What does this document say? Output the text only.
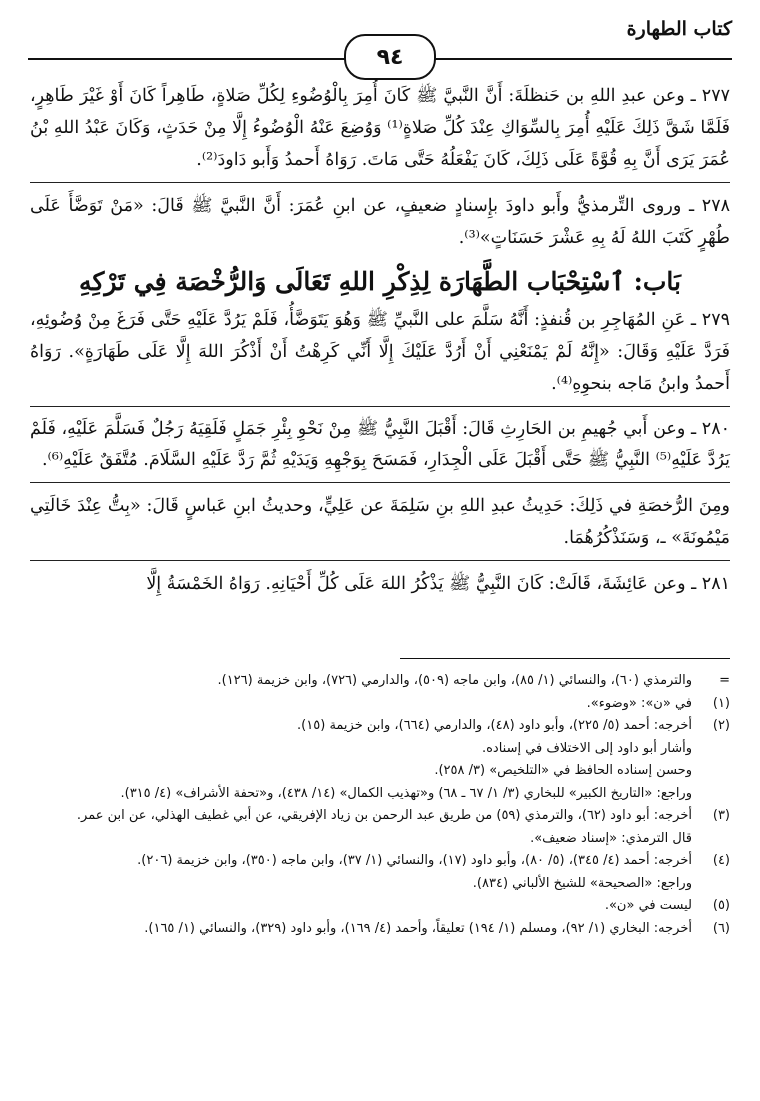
كتاب الطهارة
٩٤

٢٧٧ ـ وعن عبدِ اللهِ بن حَنظلَةَ: أَنَّ النَّبيَّ ﷺ كَانَ أُمِرَ بِالْوُضُوءِ لِكُلِّ صَلاةٍ، طَاهِراً كَانَ أَوْ غَيْرَ طَاهِرٍ، فَلَمَّا شَقَّ ذَلِكَ عَلَيْهِ أُمِرَ بِالسِّوَاكِ عِنْدَ كُلِّ صَلاةٍ⁽¹⁾ وَوُضِعَ عَنْهُ الْوُضُوءُ إِلَّا مِنْ حَدَثٍ، وَكَانَ عَبْدُ اللهِ بْنُ عُمَرَ يَرَى أَنَّ بِهِ قُوَّةً عَلَى ذَلِكَ، كَانَ يَفْعَلُهُ حَتَّى مَاتَ. رَوَاهُ أَحمدُ وَأَبو دَاودَ⁽²⁾.

٢٧٨ ـ وروى التِّرمذيُّ وأَبو داودَ بإِسنادٍ ضعيفٍ، عن ابنِ عُمَرَ: أَنَّ النَّبيَّ ﷺ قَالَ: «مَنْ تَوَضَّأَ عَلَى طُهْرٍ كَتَبَ اللهُ لَهُ بِهِ عَشْرَ حَسَنَاتٍ»⁽³⁾.

بَاب: ٱسْتِحْبَاب الطَّهَارَة لِذِكْرِ اللهِ تَعَالَى وَالرُّخْصَة فِي تَرْكِهِ

٢٧٩ ـ عَنِ المُهَاجِرِ بن قُنفذٍ: أَنَّهُ سَلَّمَ على النَّبيِّ ﷺ وَهُوَ يَتَوَضَّأُ، فَلَمْ يَرُدَّ عَلَيْهِ حَتَّى فَرَغَ مِنْ وُضُوئِهِ، فَرَدَّ عَلَيْهِ وَقَالَ: «إِنَّهُ لَمْ يَمْنَعْنِي أَنْ أَرُدَّ عَلَيْكَ إِلَّا أَنِّي كَرِهْتُ أَنْ أَذْكُرَ اللهَ إِلَّا عَلَى طَهَارَةٍ». رَوَاهُ أَحمدُ وابنُ مَاجه بنحوِهِ⁽⁴⁾.

٢٨٠ ـ وعن أَبي جُهيمِ بن الحَارِثِ قَالَ: أَقْبَلَ النَّبِيُّ ﷺ مِنْ نَحْوِ بِئْرِ جَمَلٍ فَلَقِيَهُ رَجُلٌ فَسَلَّمَ عَلَيْهِ، فَلَمْ يَرُدَّ عَلَيْهِ⁽⁵⁾ النَّبِيُّ ﷺ حَتَّى أَقْبَلَ عَلَى الْجِدَارِ، فَمَسَحَ بِوَجْهِهِ وَيَدَيْهِ ثُمَّ رَدَّ عَلَيْهِ السَّلَامَ. مُتَّفَقٌ عَلَيْهِ⁽⁶⁾.

ومِنَ الرُّخصَةِ في ذَلِكَ: حَدِيثُ عبدِ اللهِ بنِ سَلِمَةَ عن عَلِيٍّ، وحديثُ ابنِ عَباسٍ قَالَ: «بِتُّ عِنْدَ خَالَتِي مَيْمُونَةَ» ـ، وَسَنَذْكُرُهُمَا.

٢٨١ ـ وعن عَائِشَةَ، قَالَتْ: كَانَ النَّبِيُّ ﷺ يَذْكُرُ اللهَ عَلَى كُلِّ أَحْيَانِهِ. رَوَاهُ الخَمْسَةُ إِلَّا

=
والترمذي (٦٠)، والنسائي (١/ ٨٥)، وابن ماجه (٥٠٩)، والدارمي (٧٢٦)، وابن خزيمة (١٢٦).
(١)
في «ن»: «وضوء».
(٢)
أخرجه: أحمد (٥/ ٢٢٥)، وأبو داود (٤٨)، والدارمي (٦٦٤)، وابن خزيمة (١٥).
وأشار أبو داود إلى الاختلاف في إسناده.
وحسن إسناده الحافظ في «التلخيص» (٣/ ٢٥٨).
وراجع: «التاريخ الكبير» للبخاري (٣/ ١/ ٦٧ ـ ٦٨) و«تهذيب الكمال» (١٤/ ٤٣٨)، و«تحفة الأشراف» (٤/ ٣١٥).
(٣)
أخرجه: أبو داود (٦٢)، والترمذي (٥٩) من طريق عبد الرحمن بن زياد الإفريقي، عن أبي غطيف الهذلي، عن ابن عمر.
قال الترمذي: «إسناد ضعيف».
(٤)
أخرجه: أحمد (٤/ ٣٤٥)، (٥/ ٨٠)، وأبو داود (١٧)، والنسائي (١/ ٣٧)، وابن ماجه (٣٥٠)، وابن خزيمة (٢٠٦).
وراجع: «الصحيحة» للشيخ الألباني (٨٣٤).
(٥)
ليست في «ن».
(٦)
أخرجه: البخاري (١/ ٩٢)، ومسلم (١/ ١٩٤) تعليقاً، وأحمد (٤/ ١٦٩)، وأبو داود (٣٢٩)، والنسائي (١/ ١٦٥).
